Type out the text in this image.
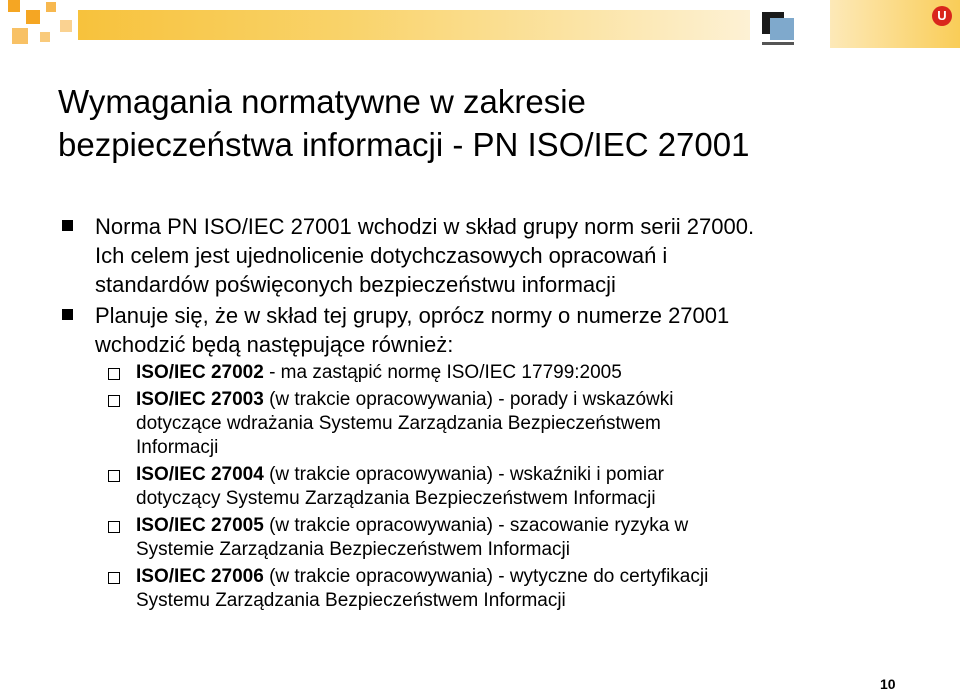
U
Wymagania normatywne w zakresie
bezpieczeństwa informacji - PN ISO/IEC 27001
Norma PN ISO/IEC 27001 wchodzi w skład grupy norm serii 27000.
Ich celem jest ujednolicenie dotychczasowych opracowań i
standardów poświęconych bezpieczeństwu informacji
Planuje się, że w skład tej grupy, oprócz normy o numerze 27001
wchodzić będą następujące również:
ISO/IEC 27002 - ma zastąpić normę ISO/IEC 17799:2005
ISO/IEC 27003 (w trakcie opracowywania) - porady i wskazówki
dotyczące wdrażania Systemu Zarządzania Bezpieczeństwem
Informacji
ISO/IEC 27004 (w trakcie opracowywania) - wskaźniki i pomiar
dotyczący Systemu Zarządzania Bezpieczeństwem Informacji
ISO/IEC 27005 (w trakcie opracowywania) - szacowanie ryzyka w
Systemie Zarządzania Bezpieczeństwem Informacji
ISO/IEC 27006 (w trakcie opracowywania) - wytyczne do certyfikacji
Systemu Zarządzania Bezpieczeństwem Informacji
10
